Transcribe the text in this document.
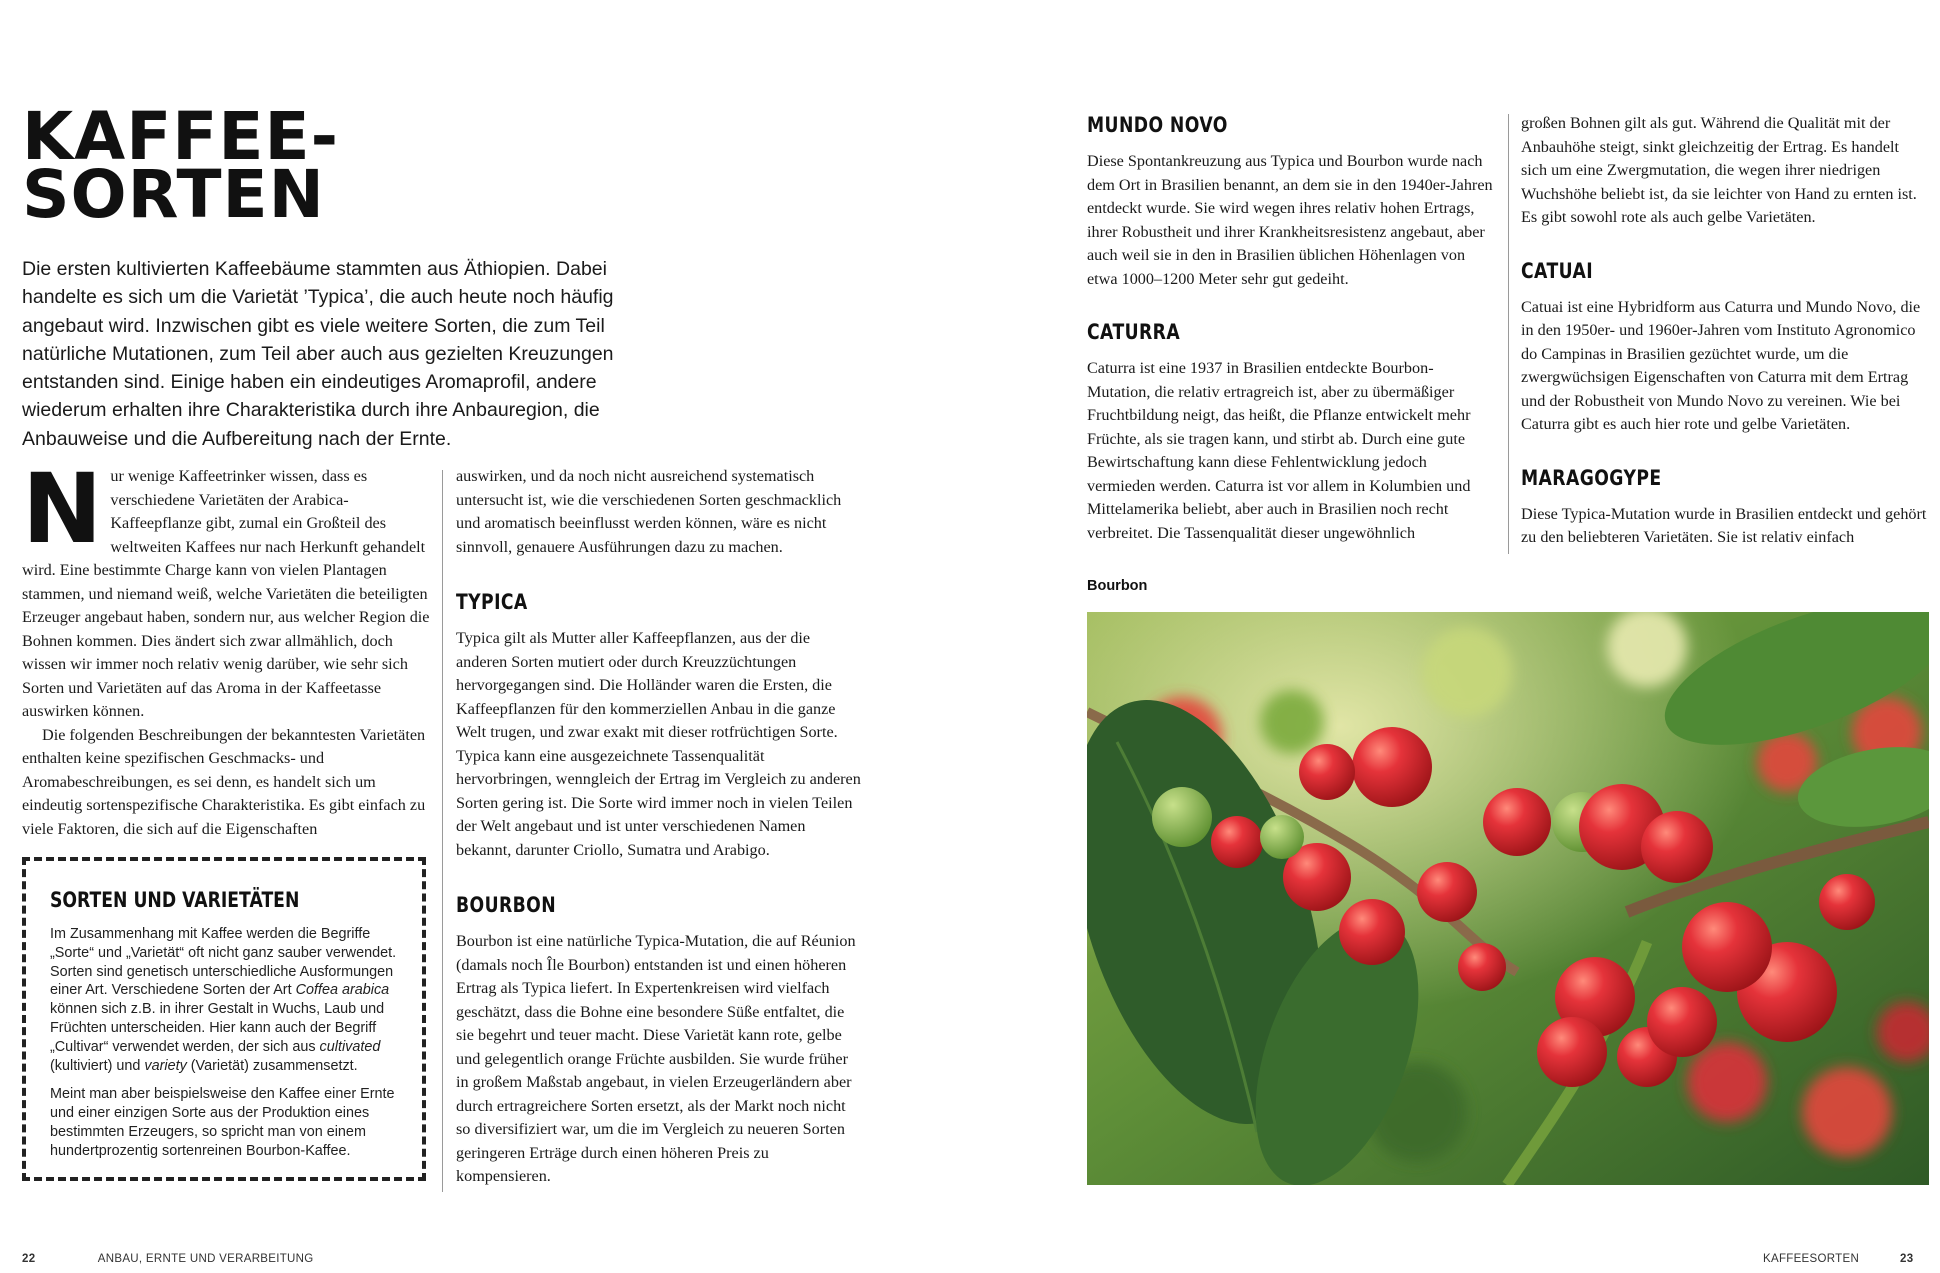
KAFFEE-
SORTEN

Die ersten kultivierten Kaffeebäume stammten aus Äthiopien. Dabei handelte es sich um die Varietät ’Typica’, die auch heute noch häufig angebaut wird. Inzwischen gibt es viele weitere Sorten, die zum Teil natürliche Mutationen, zum Teil aber auch aus gezielten Kreuzungen entstanden sind. Einige haben ein eindeutiges Aromaprofil, andere wiederum erhalten ihre Charakteristika durch ihre Anbauregion, die Anbauweise und die Aufbereitung nach der Ernte.

Nur wenige Kaffeetrinker wissen, dass es verschiedene Varietäten der Arabica-Kaffeepflanze gibt, zumal ein Großteil des weltweiten Kaffees nur nach Herkunft gehandelt wird. Eine bestimmte Charge kann von vielen Plantagen stammen, und niemand weiß, welche Varietäten die beteiligten Erzeuger angebaut haben, sondern nur, aus welcher Region die Bohnen kommen. Dies ändert sich zwar allmählich, doch wissen wir immer noch relativ wenig darüber, wie sehr sich Sorten und Varietäten auf das Aroma in der Kaffeetasse auswirken können.

Die folgenden Beschreibungen der bekanntesten Varietäten enthalten keine spezifischen Geschmacks- und Aromabeschreibungen, es sei denn, es handelt sich um eindeutig sortenspezifische Charakteristika. Es gibt einfach zu viele Faktoren, die sich auf die Eigenschaften

auswirken, und da noch nicht ausreichend systematisch untersucht ist, wie die verschiedenen Sorten geschmacklich und aromatisch beeinflusst werden können, wäre es nicht sinnvoll, genauere Ausführungen dazu zu machen.

TYPICA

Typica gilt als Mutter aller Kaffeepflanzen, aus der die anderen Sorten mutiert oder durch Kreuzzüchtungen hervorgegangen sind. Die Holländer waren die Ersten, die Kaffeepflanzen für den kommerziellen Anbau in die ganze Welt trugen, und zwar exakt mit dieser rotfrüchtigen Sorte. Typica kann eine ausgezeichnete Tassenqualität hervorbringen, wenngleich der Ertrag im Vergleich zu anderen Sorten gering ist. Die Sorte wird immer noch in vielen Teilen der Welt angebaut und ist unter verschiedenen Namen bekannt, darunter Criollo, Sumatra und Arabigo.

BOURBON

Bourbon ist eine natürliche Typica-Mutation, die auf Réunion (damals noch Île Bourbon) entstanden ist und einen höheren Ertrag als Typica liefert. In Expertenkreisen wird vielfach geschätzt, dass die Bohne eine besondere Süße entfaltet, die sie begehrt und teuer macht. Diese Varietät kann rote, gelbe und gelegentlich orange Früchte ausbilden. Sie wurde früher in großem Maßstab angebaut, in vielen Erzeugerländern aber durch ertragreichere Sorten ersetzt, als der Markt noch nicht so diversifiziert war, um die im Vergleich zu neueren Sorten geringeren Erträge durch einen höheren Preis zu kompensieren.

SORTEN UND VARIETÄTEN

Im Zusammenhang mit Kaffee werden die Begriffe „Sorte“ und „Varietät“ oft nicht ganz sauber verwendet. Sorten sind genetisch unterschiedliche Ausformungen einer Art. Verschiedene Sorten der Art Coffea arabica können sich z.B. in ihrer Gestalt in Wuchs, Laub und Früchten unterscheiden. Hier kann auch der Begriff „Cultivar“ verwendet werden, der sich aus cultivated (kultiviert) und variety (Varietät) zusammensetzt.

Meint man aber beispielsweise den Kaffee einer Ernte und einer einzigen Sorte aus der Produktion eines bestimmten Erzeugers, so spricht man von einem hundertprozentig sortenreinen Bourbon-Kaffee.

22	ANBAU, ERNTE UND VERARBEITUNG

MUNDO NOVO

Diese Spontankreuzung aus Typica und Bourbon wurde nach dem Ort in Brasilien benannt, an dem sie in den 1940er-Jahren entdeckt wurde. Sie wird wegen ihres relativ hohen Ertrags, ihrer Robustheit und ihrer Krankheitsresistenz angebaut, aber auch weil sie in den in Brasilien üblichen Höhenlagen von etwa 1000–1200 Meter sehr gut gedeiht.

CATURRA

Caturra ist eine 1937 in Brasilien entdeckte Bourbon-Mutation, die relativ ertragreich ist, aber zu übermäßiger Fruchtbildung neigt, das heißt, die Pflanze entwickelt mehr Früchte, als sie tragen kann, und stirbt ab. Durch eine gute Bewirtschaftung kann diese Fehlentwicklung jedoch vermieden werden. Caturra ist vor allem in Kolumbien und Mittelamerika beliebt, aber auch in Brasilien noch recht verbreitet. Die Tassenqualität dieser ungewöhnlich

großen Bohnen gilt als gut. Während die Qualität mit der Anbauhöhe steigt, sinkt gleichzeitig der Ertrag. Es handelt sich um eine Zwergmutation, die wegen ihrer niedrigen Wuchshöhe beliebt ist, da sie leichter von Hand zu ernten ist. Es gibt sowohl rote als auch gelbe Varietäten.

CATUAI

Catuai ist eine Hybridform aus Caturra und Mundo Novo, die in den 1950er- und 1960er-Jahren vom Instituto Agronomico do Campinas in Brasilien gezüchtet wurde, um die zwergwüchsigen Eigenschaften von Caturra mit dem Ertrag und der Robustheit von Mundo Novo zu vereinen. Wie bei Caturra gibt es auch hier rote und gelbe Varietäten.

MARAGOGYPE

Diese Typica-Mutation wurde in Brasilien entdeckt und gehört zu den beliebteren Varietäten. Sie ist relativ einfach

Bourbon

KAFFEESORTEN	23
